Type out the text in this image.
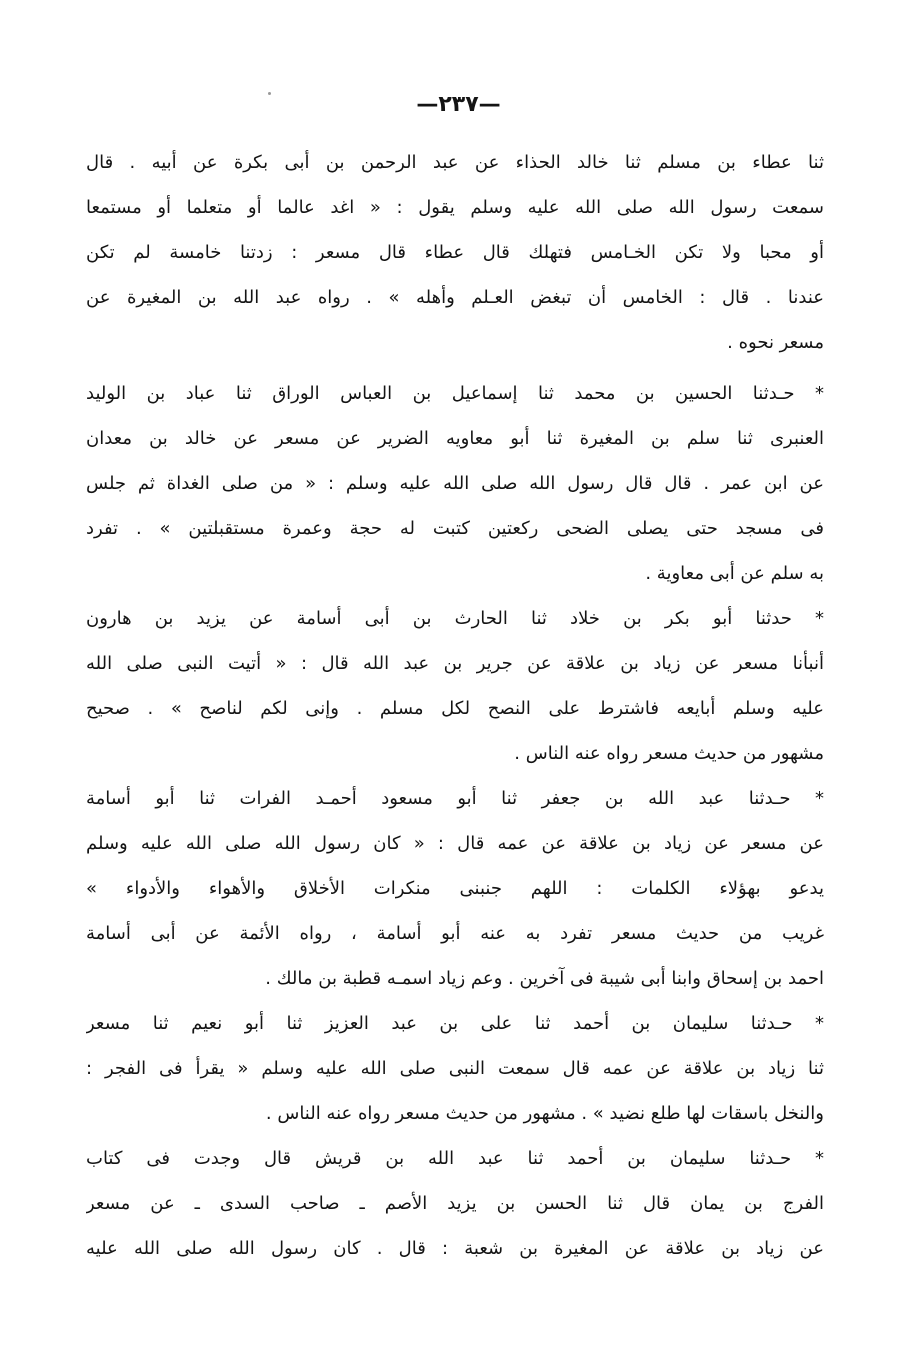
—٢٣٧—
ثنا عطاء بن مسلم ثنا خالد الحذاء عن عبد الرحمن بن أبى بكرة عن أبيه . قال
سمعت رسول الله صلى الله عليه وسلم يقول : « اغد عالما أو متعلما أو مستمعا
أو محبا ولا تكن الخـامس فتهلك قال عطاء قال مسعر : زدتنا خامسة لم تكن
عندنا . قال : الخامس أن تبغض العـلم وأهله » . رواه عبد الله بن المغيرة عن
مسعر نحوه .
* حـدثنا الحسين بن محمد ثنا إسماعيل بن العباس الوراق ثنا عباد بن الوليد
العنبرى ثنا سلم بن المغيرة ثنا أبو معاويه الضرير عن مسعر عن خالد بن معدان
عن ابن عمر . قال قال رسول الله صلى الله عليه وسلم : « من صلى الغداة ثم جلس
فى مسجد حتى يصلى الضحى ركعتين كتبت له حجة وعمرة مستقبلتين » . تفرد
به سلم عن أبى معاوية .
* حدثنا أبو بكر بن خلاد ثنا الحارث بن أبى أسامة عن يزيد بن هارون
أنبأنا مسعر عن زياد بن علاقة عن جرير بن عبد الله قال : « أتيت النبى صلى الله
عليه وسلم أبايعه فاشترط على النصح لكل مسلم . وإنى لكم لناصح » . صحيح
مشهور من حديث مسعر رواه عنه الناس .
* حـدثنا عبد الله بن جعفر ثنا أبو مسعود أحمـد الفرات ثنا أبو أسامة
عن مسعر عن زياد بن علاقة عن عمه قال : « كان رسول الله صلى الله عليه وسلم
يدعو بهؤلاء الكلمات : اللهم جنبنى منكرات الأخلاق والأهواء والأدواء »
غريب من حديث مسعر تفرد به عنه أبو أسامة ، رواه الأئمة عن أبى أسامة
احمد بن إسحاق وابنا أبى شيبة فى آخرين . وعم زياد اسمـه قطبة بن مالك .
* حـدثنا سليمان بن أحمد ثنا على بن عبد العزيز ثنا أبو نعيم ثنا مسعر
ثنا زياد بن علاقة عن عمه قال سمعت النبى صلى الله عليه وسلم « يقرأ فى الفجر :
والنخل باسقات لها طلع نضيد » . مشهور من حديث مسعر رواه عنه الناس .
* حـدثنا سليمان بن أحمد ثنا عبد الله بن قريش قال وجدت فى كتاب
الفرج بن يمان قال ثنا الحسن بن يزيد الأصم ـ صاحب السدى ـ عن مسعر
عن زياد بن علاقة عن المغيرة بن شعبة : قال . كان رسول الله صلى الله عليه
